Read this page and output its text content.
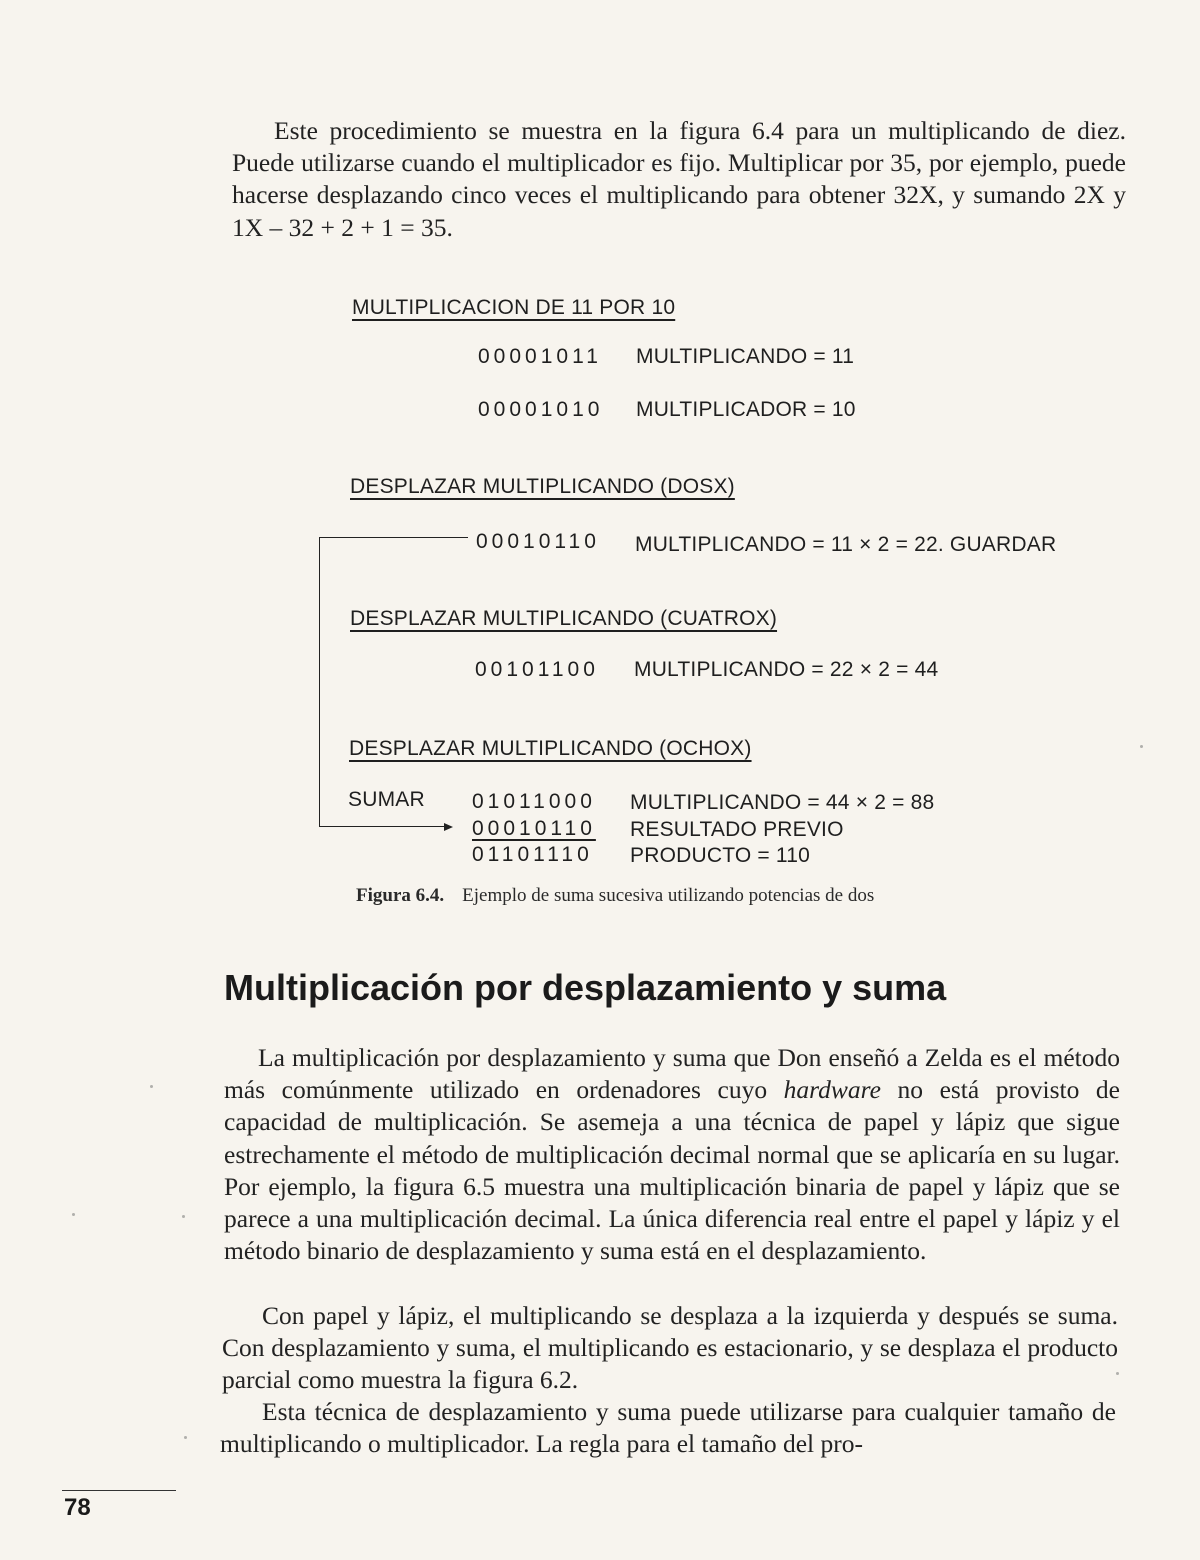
Este procedimiento se muestra en la figura 6.4 para un multiplicando de diez. Puede utilizarse cuando el multiplicador es fijo. Multiplicar por 35, por ejemplo, puede hacerse desplazando cinco veces el multiplicando para obtener 32X, y sumando 2X y 1X – 32 + 2 + 1 = 35.

MULTIPLICACION DE 11 POR 10
00001011 MULTIPLICANDO = 11
00001010 MULTIPLICADOR = 10
DESPLAZAR MULTIPLICANDO (DOSX)
00010110 MULTIPLICANDO = 11 × 2 = 22. GUARDAR
DESPLAZAR MULTIPLICANDO (CUATROX)
00101100 MULTIPLICANDO = 22 × 2 = 44
DESPLAZAR MULTIPLICANDO (OCHOX)
SUMAR 01011000 MULTIPLICANDO = 44 × 2 = 88
00010110 RESULTADO PREVIO
01101110 PRODUCTO = 110
Figura 6.4. Ejemplo de suma sucesiva utilizando potencias de dos
Multiplicación por desplazamiento y suma

La multiplicación por desplazamiento y suma que Don enseñó a Zelda es el método más comúnmente utilizado en ordenadores cuyo hardware no está provisto de capacidad de multiplicación. Se asemeja a una técnica de papel y lápiz que sigue estrechamente el método de multiplicación decimal normal que se aplicaría en su lugar. Por ejemplo, la figura 6.5 muestra una multiplicación binaria de papel y lápiz que se parece a una multiplicación decimal. La única diferencia real entre el papel y lápiz y el método binario de desplazamiento y suma está en el desplazamiento.

Con papel y lápiz, el multiplicando se desplaza a la izquierda y después se suma. Con desplazamiento y suma, el multiplicando es estacionario, y se desplaza el producto parcial como muestra la figura 6.2.

Esta técnica de desplazamiento y suma puede utilizarse para cualquier tamaño de multiplicando o multiplicador. La regla para el tamaño del pro-

78
